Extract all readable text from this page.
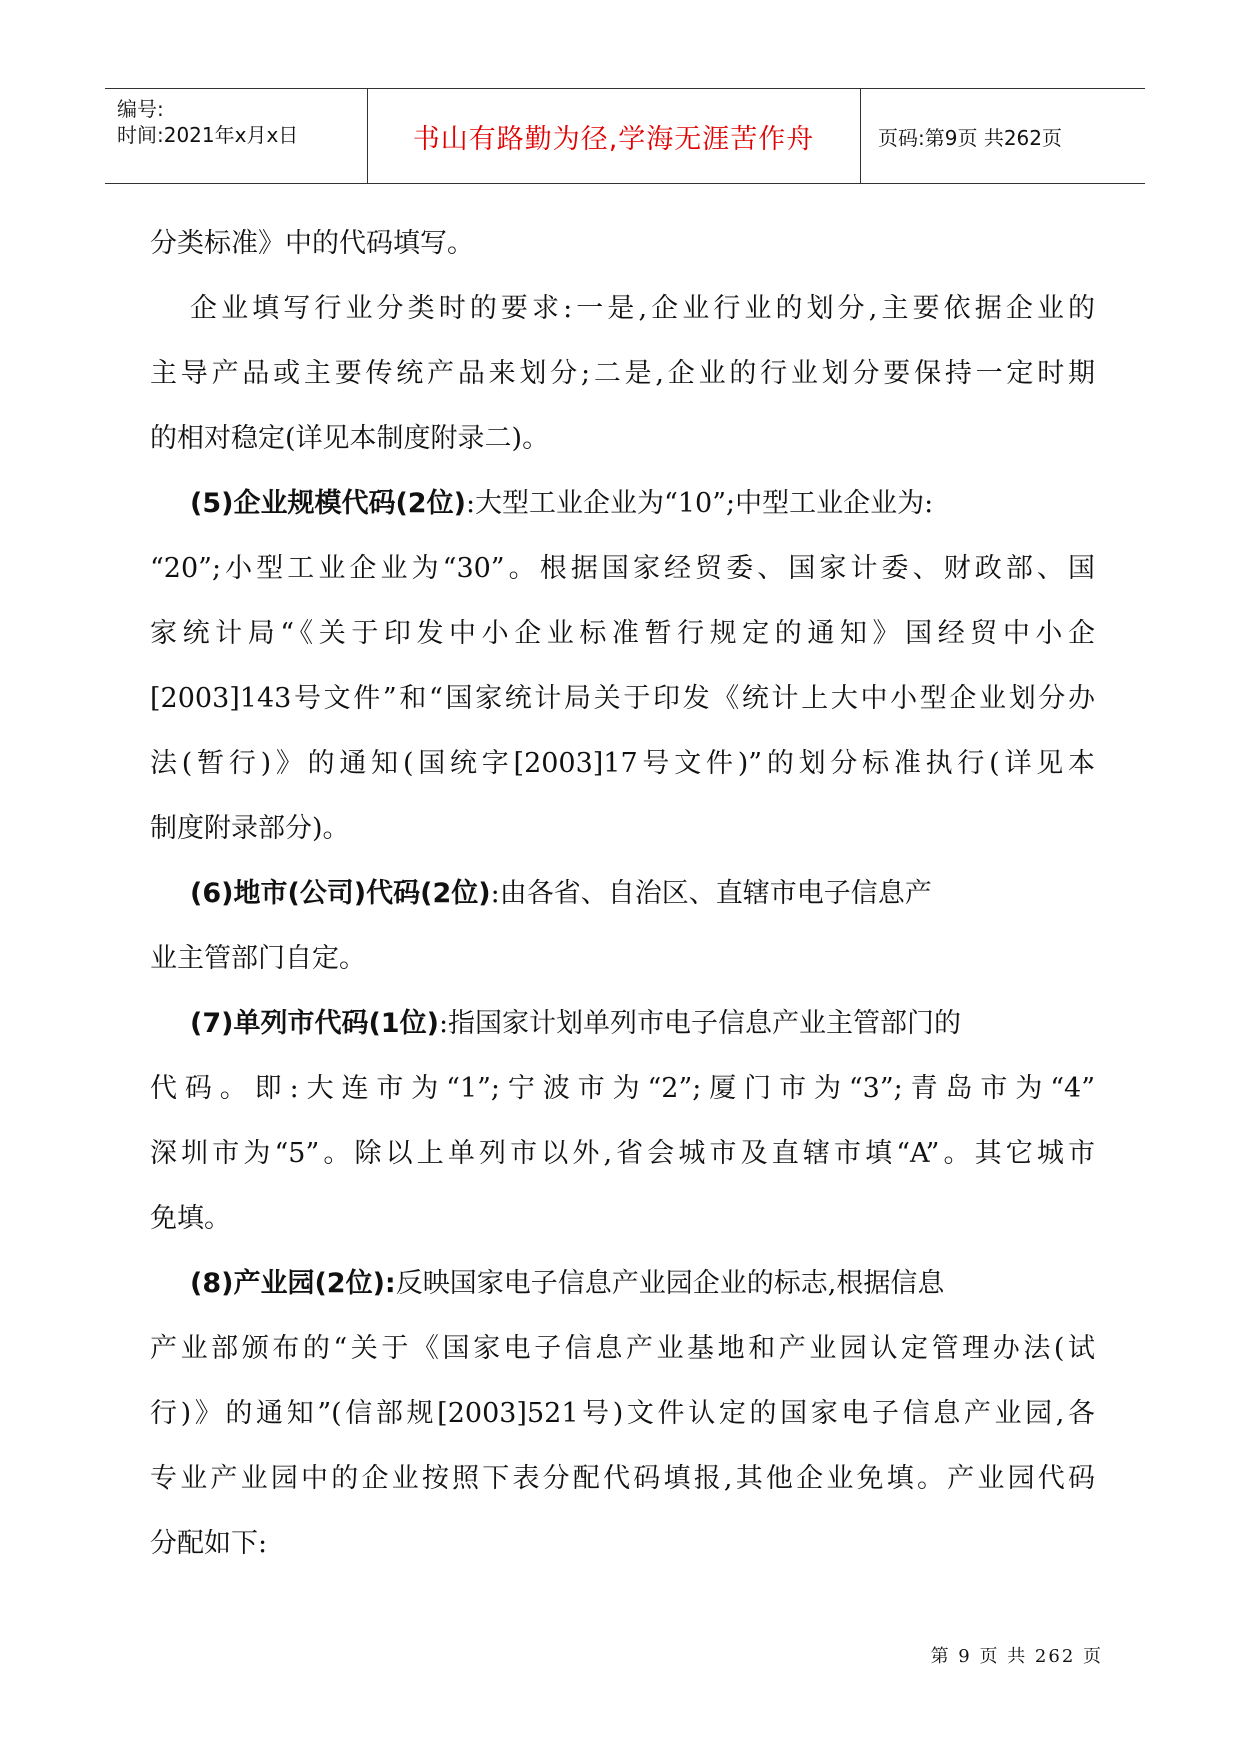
编号:
时间:2021年x月x日	书山有路勤为径,学海无涯苦作舟	页码:第9页 共262页
分类标准》中的代码填写。
企业填写行业分类时的要求:一是,企业行业的划分,主要依据企业的
主导产品或主要传统产品来划分;二是,企业的行业划分要保持一定时期
的相对稳定(详见本制度附录二)。
(5)企业规模代码(2位):大型工业企业为“10”;中型工业企业为:
“20”;小型工业企业为“30”。根据国家经贸委、国家计委、财政部、国
家统计局“《关于印发中小企业标准暂行规定的通知》国经贸中小企
[2003]143号文件”和“国家统计局关于印发《统计上大中小型企业划分办
法(暂行)》的通知(国统字[2003]17号文件)”的划分标准执行(详见本
制度附录部分)。
(6)地市(公司)代码(2位):由各省、自治区、直辖市电子信息产
业主管部门自定。
(7)单列市代码(1位):指国家计划单列市电子信息产业主管部门的
代码。即:大连市为“1”;宁波市为“2”;厦门市为“3”;青岛市为“4”
深圳市为“5”。除以上单列市以外,省会城市及直辖市填“A”。其它城市
免填。
(8)产业园(2位):反映国家电子信息产业园企业的标志,根据信息
产业部颁布的“关于《国家电子信息产业基地和产业园认定管理办法(试
行)》的通知”(信部规[2003]521号)文件认定的国家电子信息产业园,各
专业产业园中的企业按照下表分配代码填报,其他企业免填。产业园代码
分配如下:
第 9 页 共 262 页
